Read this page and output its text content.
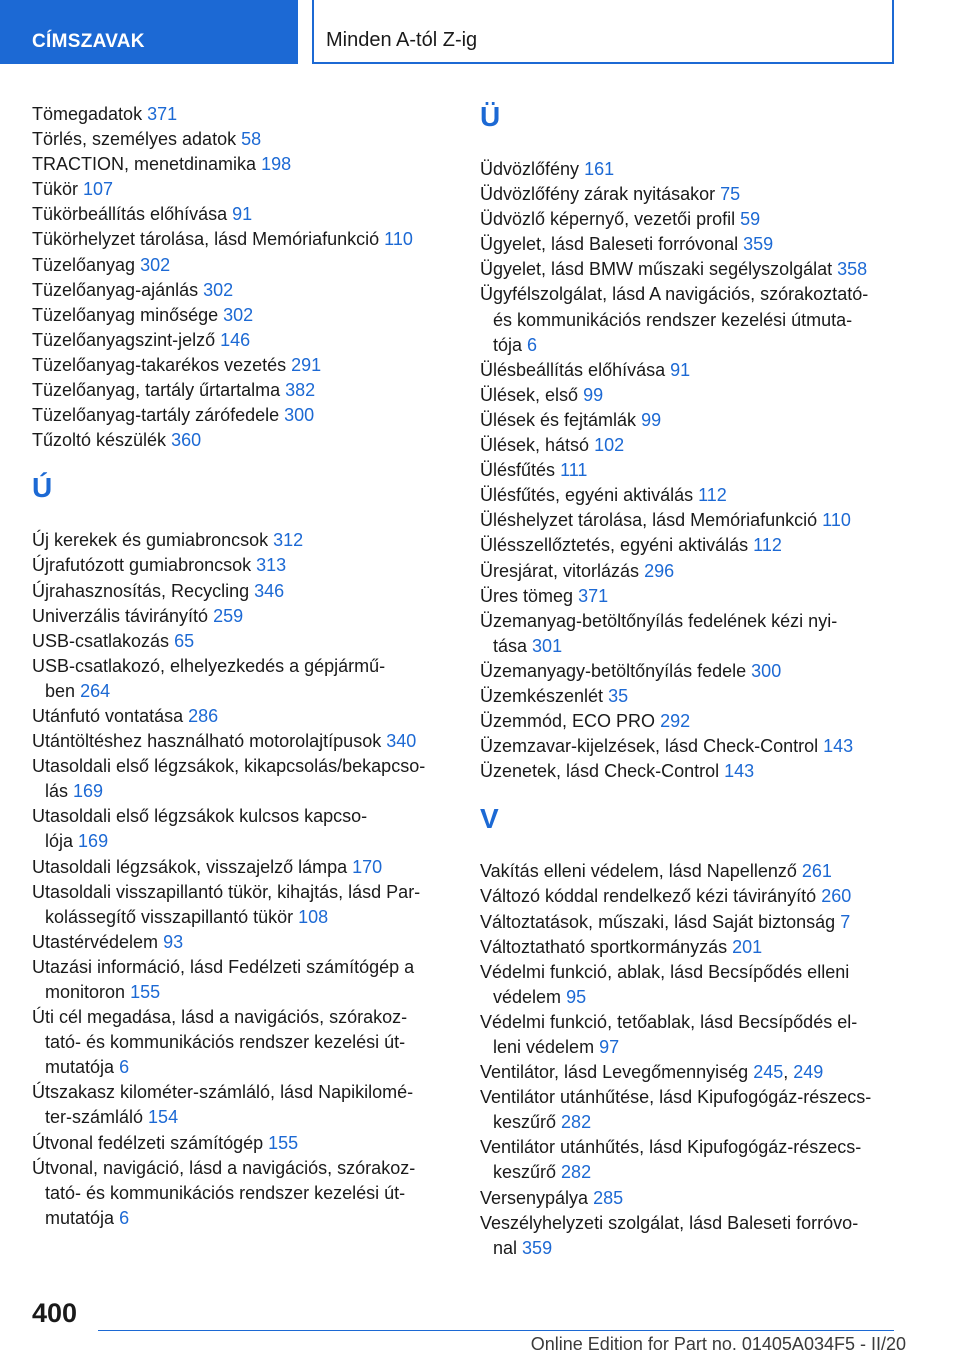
CÍMSZAVAK	Minden A-tól Z-ig
Tömegadatok 371
Törlés, személyes adatok 58
TRACTION, menetdinamika 198
Tükör 107
Tükörbeállítás előhívása 91
Tükörhelyzet tárolása, lásd Memóriafunkció 110
Tüzelőanyag 302
Tüzelőanyag-ajánlás 302
Tüzelőanyag minősége 302
Tüzelőanyagszint-jelző 146
Tüzelőanyag-takarékos vezetés 291
Tüzelőanyag, tartály űrtartalma 382
Tüzelőanyag-tartály zárófedele 300
Tűzoltó készülék 360
Ú
Új kerekek és gumiabroncsok 312
Újrafutózott gumiabroncsok 313
Újrahasznosítás, Recycling 346
Univerzális távirányító 259
USB-csatlakozás 65
USB-csatlakozó, elhelyezkedés a gépjármű-
ben 264
Utánfutó vontatása 286
Utántöltéshez használható motorolajtípusok 340
Utasoldali első légzsákok, kikapcsolás/bekapcso-
lás 169
Utasoldali első légzsákok kulcsos kapcso-
lója 169
Utasoldali légzsákok, visszajelző lámpa 170
Utasoldali visszapillantó tükör, kihajtás, lásd Par-
kolássegítő visszapillantó tükör 108
Utastérvédelem 93
Utazási információ, lásd Fedélzeti számítógép a
monitoron 155
Úti cél megadása, lásd a navigációs, szórakoz-
tató- és kommunikációs rendszer kezelési út-
mutatója 6
Útszakasz kilométer-számláló, lásd Napikilomé-
ter-számláló 154
Útvonal fedélzeti számítógép 155
Útvonal, navigáció, lásd a navigációs, szórakoz-
tató- és kommunikációs rendszer kezelési út-
mutatója 6
Ü
Üdvözlőfény 161
Üdvözlőfény zárak nyitásakor 75
Üdvözlő képernyő, vezetői profil 59
Ügyelet, lásd Baleseti forróvonal 359
Ügyelet, lásd BMW műszaki segélyszolgálat 358
Ügyfélszolgálat, lásd A navigációs, szórakoztató-
és kommunikációs rendszer kezelési útmuta-
tója 6
Ülésbeállítás előhívása 91
Ülések, első 99
Ülések és fejtámlák 99
Ülések, hátsó 102
Ülésfűtés 111
Ülésfűtés, egyéni aktiválás 112
Üléshelyzet tárolása, lásd Memóriafunkció 110
Ülésszellőztetés, egyéni aktiválás 112
Üresjárat, vitorlázás 296
Üres tömeg 371
Üzemanyag-betöltőnyílás fedelének kézi nyi-
tása 301
Üzemanyagy-betöltőnyílás fedele 300
Üzemkészenlét 35
Üzemmód, ECO PRO 292
Üzemzavar-kijelzések, lásd Check-Control 143
Üzenetek, lásd Check-Control 143
V
Vakítás elleni védelem, lásd Napellenző 261
Változó kóddal rendelkező kézi távirányító 260
Változtatások, műszaki, lásd Saját biztonság 7
Változtatható sportkormányzás 201
Védelmi funkció, ablak, lásd Becsípődés elleni
védelem 95
Védelmi funkció, tetőablak, lásd Becsípődés el-
leni védelem 97
Ventilátor, lásd Levegőmennyiség 245, 249
Ventilátor utánhűtése, lásd Kipufogógáz-részecs-
keszűrő 282
Ventilátor utánhűtés, lásd Kipufogógáz-részecs-
keszűrő 282
Versenypálya 285
Veszélyhelyzeti szolgálat, lásd Baleseti forróvo-
nal 359
400
Online Edition for Part no. 01405A034F5 - II/20
